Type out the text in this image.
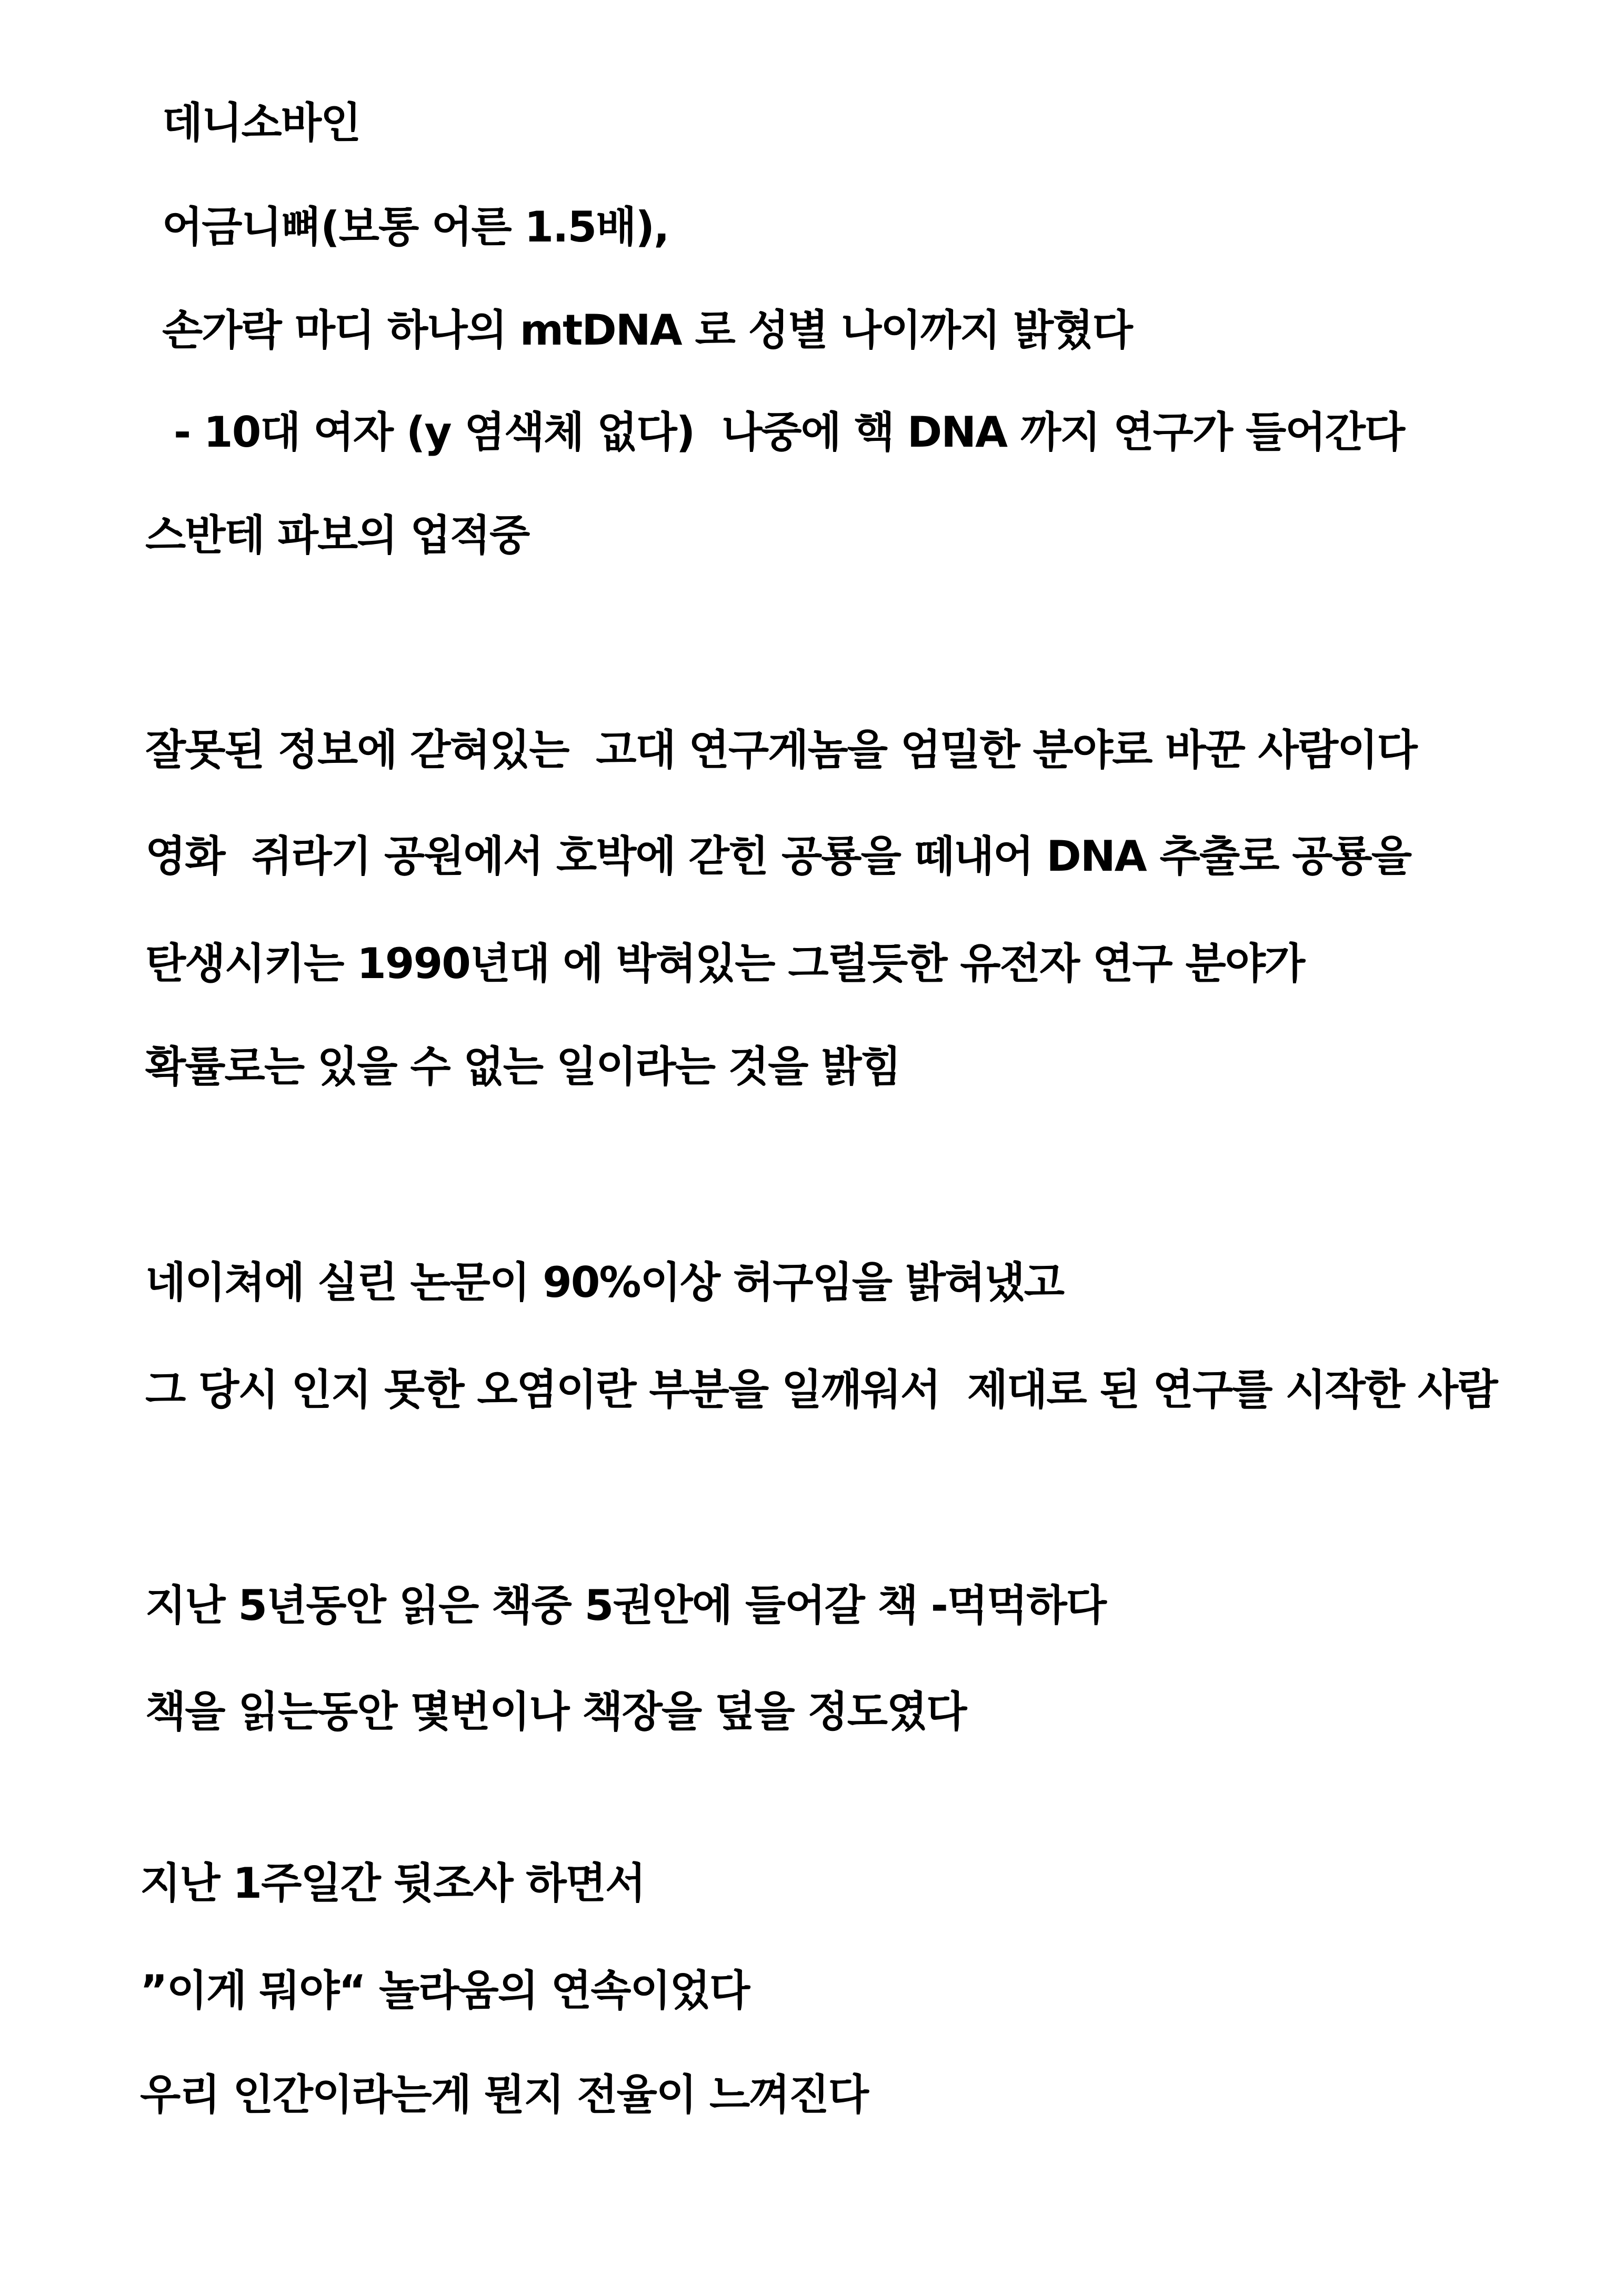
데니소바인
어금니뼈(보통 어른 1.5배),
손가락 마디 하나의 mtDNA 로 성별 나이까지 밝혔다
- 10대 여자 (y 염색체 없다)  나중에 핵 DNA 까지 연구가 들어간다
스반테 파보의 업적중
잘못된 정보에 갇혀있는  고대 연구게놈을 엄밀한 분야로 바꾼 사람이다
영화  쥐라기 공원에서 호박에 갇힌 공룡을 떼내어 DNA 추출로 공룡을
탄생시키는 1990년대 에 박혀있는 그럴듯한 유전자 연구 분야가
확률로는 있을 수 없는 일이라는 것을 밝힘
네이쳐에 실린 논문이 90%이상 허구임을 밝혀냈고
그 당시 인지 못한 오염이란 부분을 일깨워서  제대로 된 연구를 시작한 사람
지난 5년동안 읽은 책중 5권안에 들어갈 책 -먹먹하다
책을 읽는동안 몇번이나 책장을 덮을 정도였다
지난 1주일간 뒷조사 하면서
”이게 뭐야“ 놀라움의 연속이었다
우리 인간이라는게 뭔지 전율이 느껴진다
